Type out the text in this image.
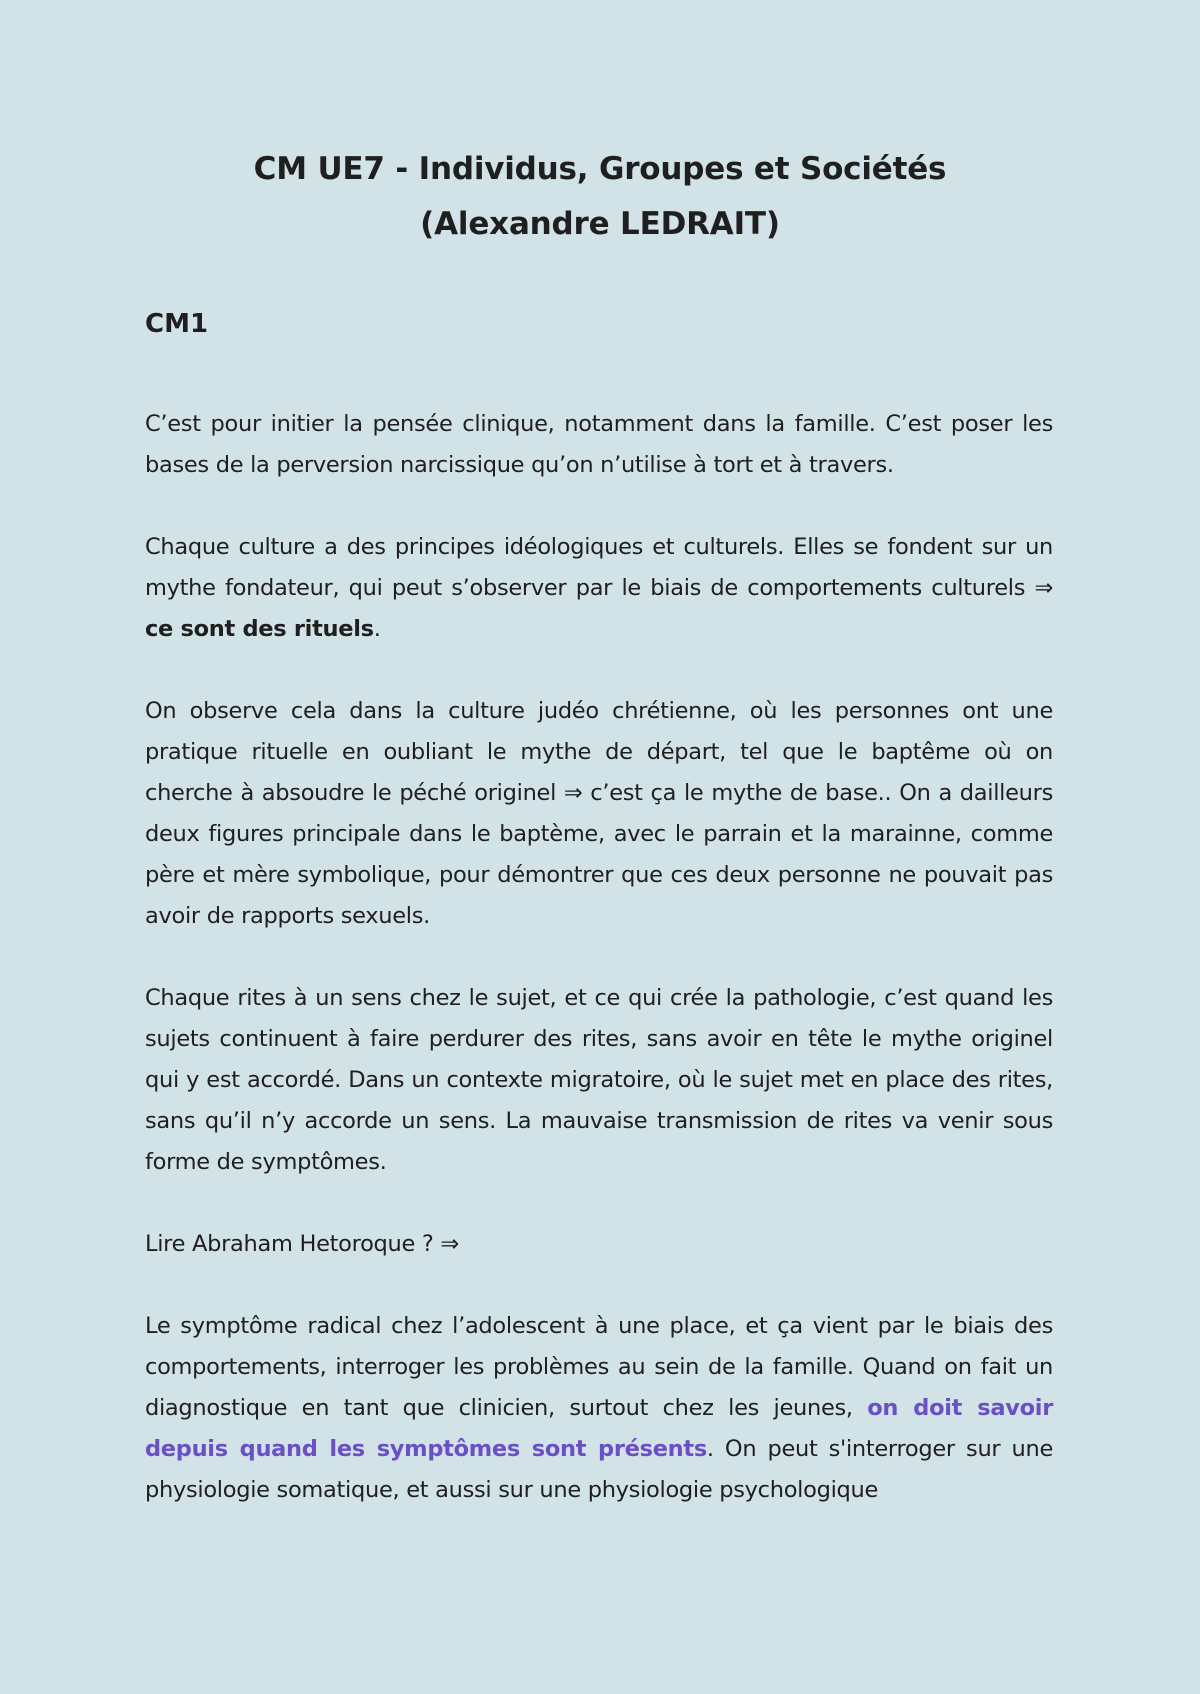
CM UE7 - Individus, Groupes et Sociétés
(Alexandre LEDRAIT)
CM1

C’est pour initier la pensée clinique, notamment dans la famille. C’est poser les bases de la perversion narcissique qu’on n’utilise à tort et à travers.

Chaque culture a des principes idéologiques et culturels. Elles se fondent sur un mythe fondateur, qui peut s’observer par le biais de comportements culturels ⇒ ce sont des rituels.

On observe cela dans la culture judéo chrétienne, où les personnes ont une pratique rituelle en oubliant le mythe de départ, tel que le baptême où on cherche à absoudre le péché originel ⇒ c’est ça le mythe de base.. On a dailleurs deux figures principale dans le baptème, avec le parrain et la marainne, comme père et mère symbolique, pour démontrer que ces deux personne ne pouvait pas avoir de rapports sexuels.

Chaque rites à un sens chez le sujet, et ce qui crée la pathologie, c’est quand les sujets continuent à faire perdurer des rites, sans avoir en tête le mythe originel qui y est accordé. Dans un contexte migratoire, où le sujet met en place des rites, sans qu’il n’y accorde un sens. La mauvaise transmission de rites va venir sous forme de symptômes.

Lire Abraham Hetoroque ? ⇒

Le symptôme radical chez l’adolescent à une place, et ça vient par le biais des comportements, interroger les problèmes au sein de la famille. Quand on fait un diagnostique en tant que clinicien, surtout chez les jeunes, on doit savoir depuis quand les symptômes sont présents. On peut s'interroger sur une physiologie somatique, et aussi sur une physiologie psychologique
